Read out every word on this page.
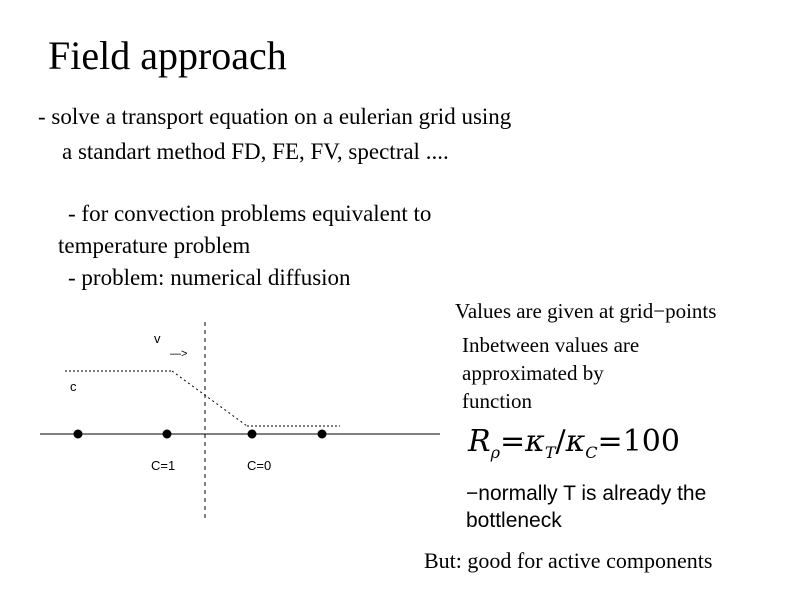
Field approach
- solve a transport equation on a eulerian grid using
a standart method FD, FE, FV, spectral ....
- for convection problems equivalent to
temperature problem
- problem: numerical diffusion
Values are given at grid−points
Inbetween values are
approximated by
function
$R_\rho=\kappa_T/\kappa_C=100$
−normally T is already the
bottleneck
But: good for active components
v
—>
c
C=1	C=0
